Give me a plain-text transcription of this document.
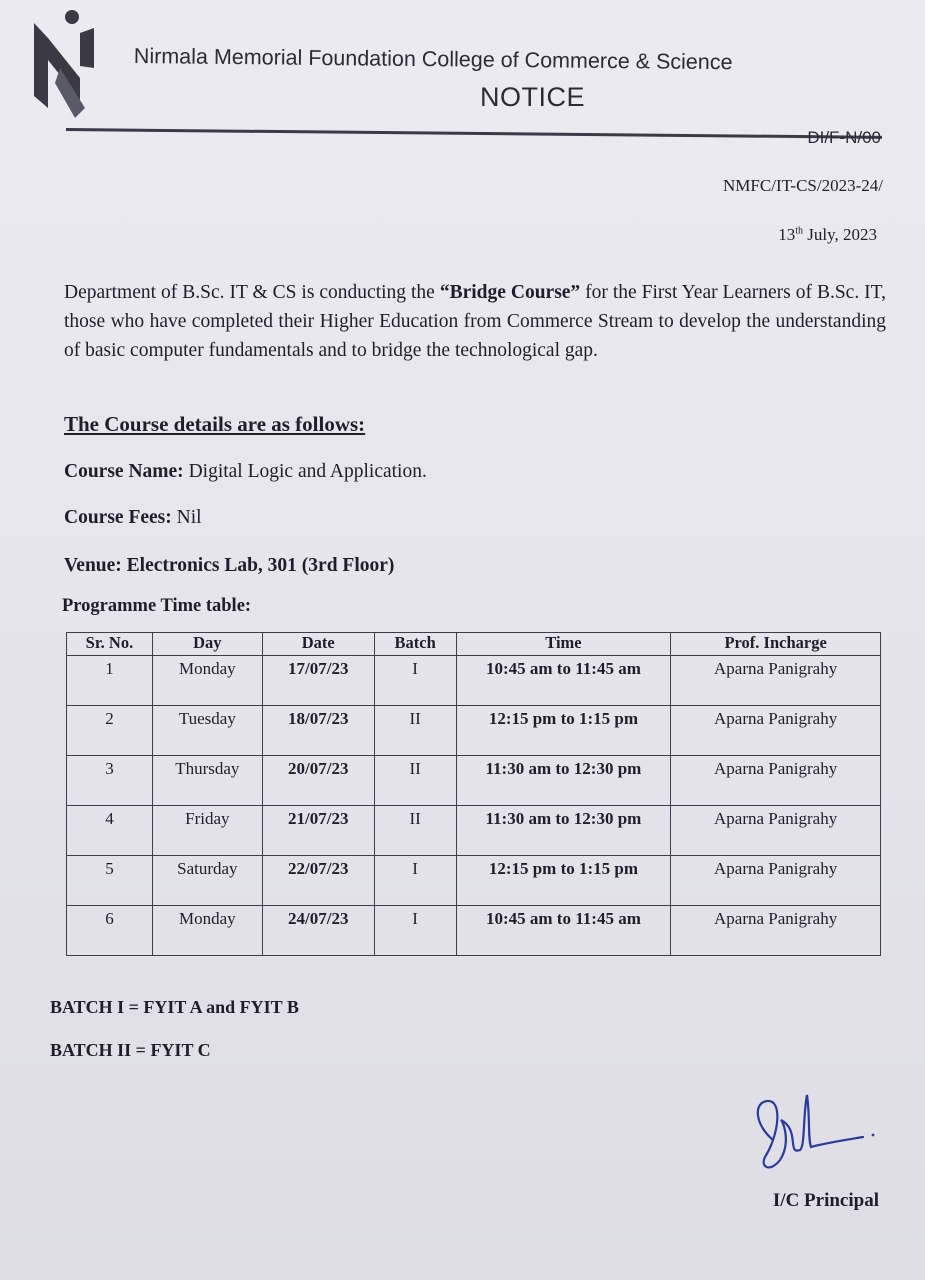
Nirmala Memorial Foundation College of Commerce & Science
NOTICE
DI/F-N/00
NMFC/IT-CS/2023-24/
13th July, 2023
Department of B.Sc. IT & CS is conducting the “Bridge Course” for the First Year Learners of B.Sc. IT, those who have completed their Higher Education from Commerce Stream to develop the understanding of basic computer fundamentals and to bridge the technological gap.
The Course details are as follows:
Course Name: Digital Logic and Application.
Course Fees: Nil
Venue: Electronics Lab, 301 (3rd Floor)
Programme Time table:
Sr. No.	Day	Date	Batch	Time	Prof. Incharge
1	Monday	17/07/23	I	10:45 am to 11:45 am	Aparna Panigrahy
2	Tuesday	18/07/23	II	12:15 pm to 1:15 pm	Aparna Panigrahy
3	Thursday	20/07/23	II	11:30 am to 12:30 pm	Aparna Panigrahy
4	Friday	21/07/23	II	11:30 am to 12:30 pm	Aparna Panigrahy
5	Saturday	22/07/23	I	12:15 pm to 1:15 pm	Aparna Panigrahy
6	Monday	24/07/23	I	10:45 am to 11:45 am	Aparna Panigrahy
BATCH I = FYIT A and FYIT B
BATCH II = FYIT C
I/C Principal
